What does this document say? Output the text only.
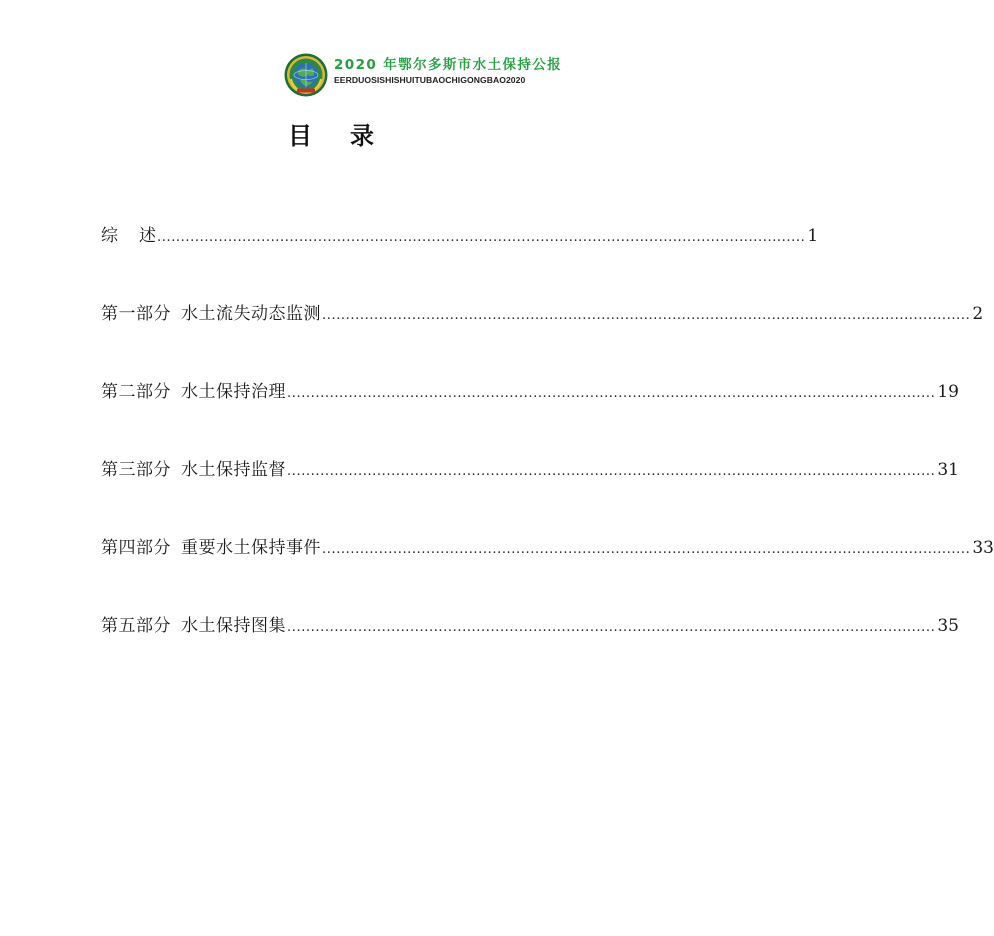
2020 年鄂尔多斯市水土保持公报
EERDUOSISHISHUITUBAOCHIGONGBAO2020
目 录
综 述 ......................................................................................................................................... 1
第一部分 水土流失动态监测 ......................................................................................................................................... 2
第二部分 水土保持治理 ......................................................................................................................................... 19
第三部分 水土保持监督 ......................................................................................................................................... 31
第四部分 重要水土保持事件 ......................................................................................................................................... 33
第五部分 水土保持图集 ......................................................................................................................................... 35
